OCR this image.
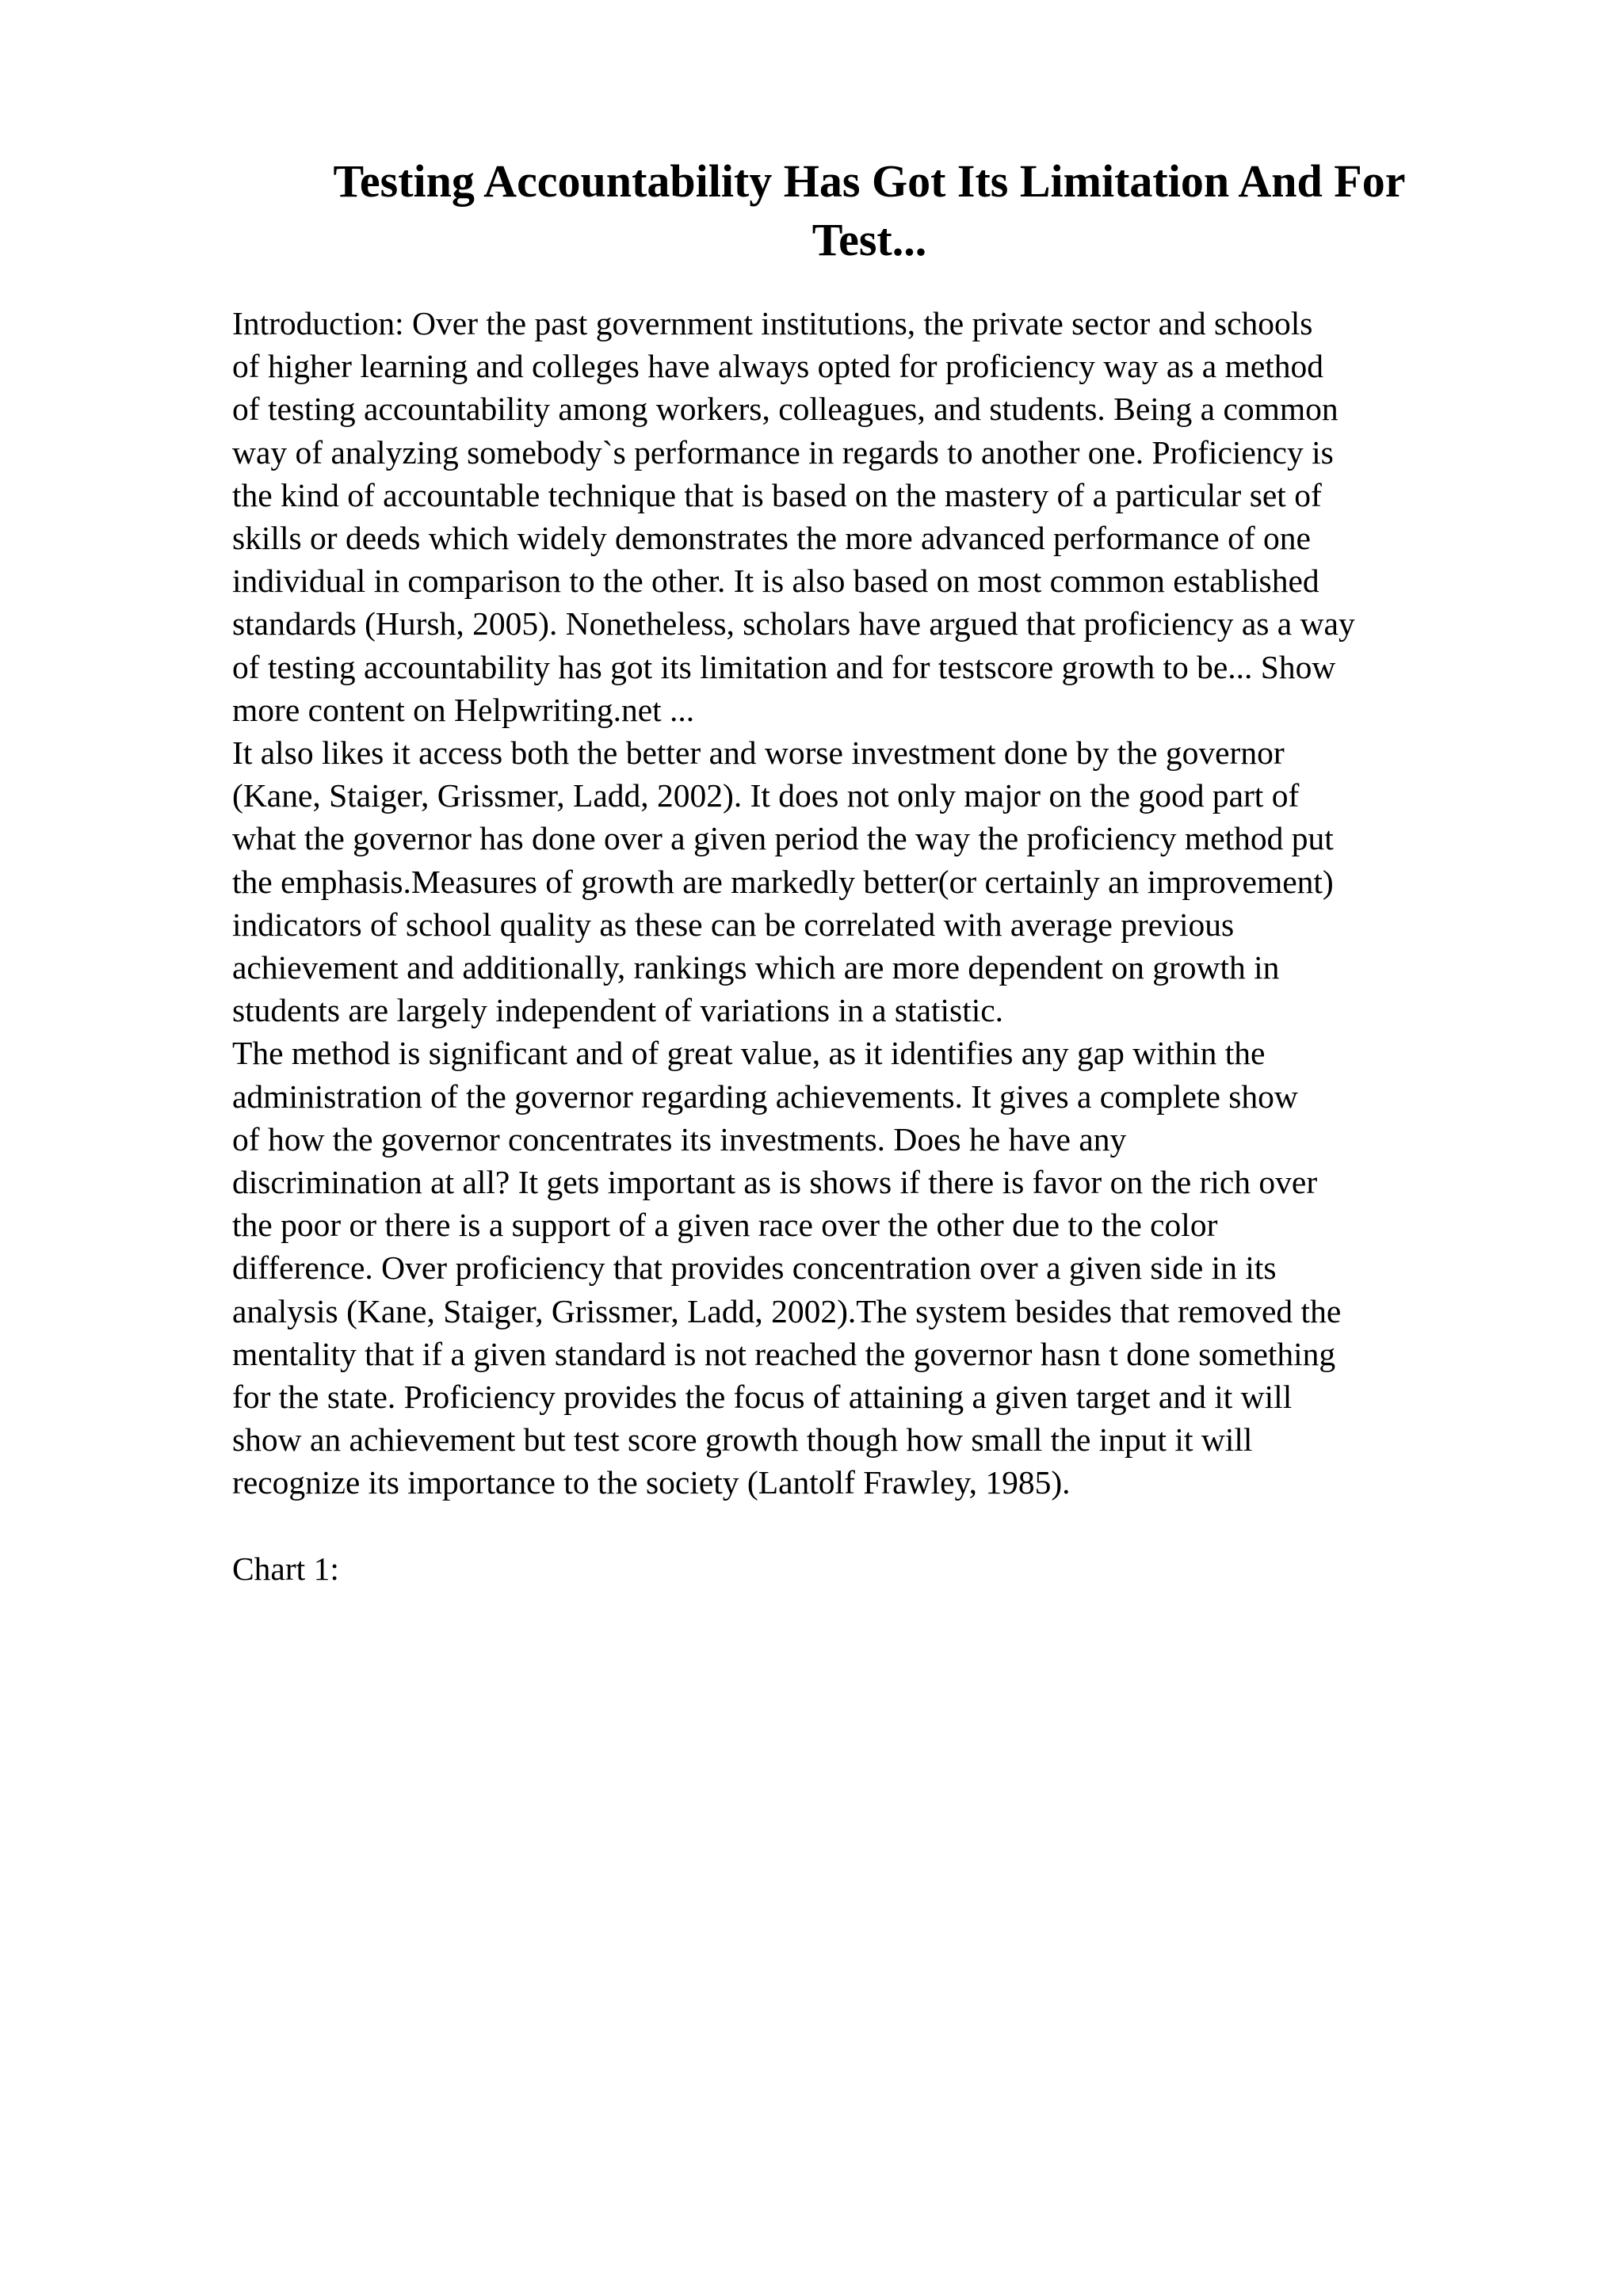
Testing Accountability Has Got Its Limitation And For
Test...
Introduction: Over the past government institutions, the private sector and schools
of higher learning and colleges have always opted for proficiency way as a method
of testing accountability among workers, colleagues, and students. Being a common
way of analyzing somebody`s performance in regards to another one. Proficiency is
the kind of accountable technique that is based on the mastery of a particular set of
skills or deeds which widely demonstrates the more advanced performance of one
individual in comparison to the other. It is also based on most common established
standards (Hursh, 2005). Nonetheless, scholars have argued that proficiency as a way
of testing accountability has got its limitation and for testscore growth to be... Show
more content on Helpwriting.net ...
It also likes it access both the better and worse investment done by the governor
(Kane, Staiger, Grissmer, Ladd, 2002). It does not only major on the good part of
what the governor has done over a given period the way the proficiency method put
the emphasis.Measures of growth are markedly better(or certainly an improvement)
indicators of school quality as these can be correlated with average previous
achievement and additionally, rankings which are more dependent on growth in
students are largely independent of variations in a statistic.
The method is significant and of great value, as it identifies any gap within the
administration of the governor regarding achievements. It gives a complete show
of how the governor concentrates its investments. Does he have any
discrimination at all? It gets important as is shows if there is favor on the rich over
the poor or there is a support of a given race over the other due to the color
difference. Over proficiency that provides concentration over a given side in its
analysis (Kane, Staiger, Grissmer, Ladd, 2002).The system besides that removed the
mentality that if a given standard is not reached the governor hasn t done something
for the state. Proficiency provides the focus of attaining a given target and it will
show an achievement but test score growth though how small the input it will
recognize its importance to the society (Lantolf Frawley, 1985).
Chart 1:
